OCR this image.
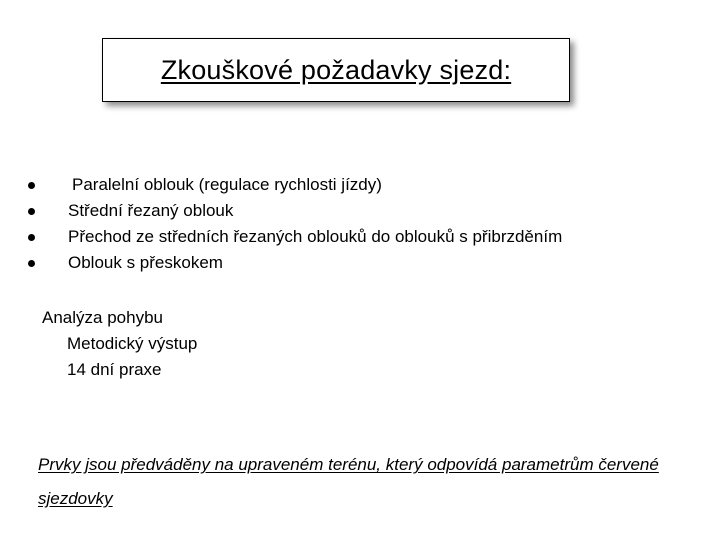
Zkouškové požadavky sjezd:
Paralelní oblouk (regulace rychlosti jízdy)
Střední řezaný oblouk
Přechod ze středních řezaných oblouků do oblouků s přibrzděním
Oblouk s přeskokem
Analýza pohybu
Metodický výstup
14 dní praxe
Prvky jsou předváděny na upraveném terénu, který odpovídá parametrům červené sjezdovky
